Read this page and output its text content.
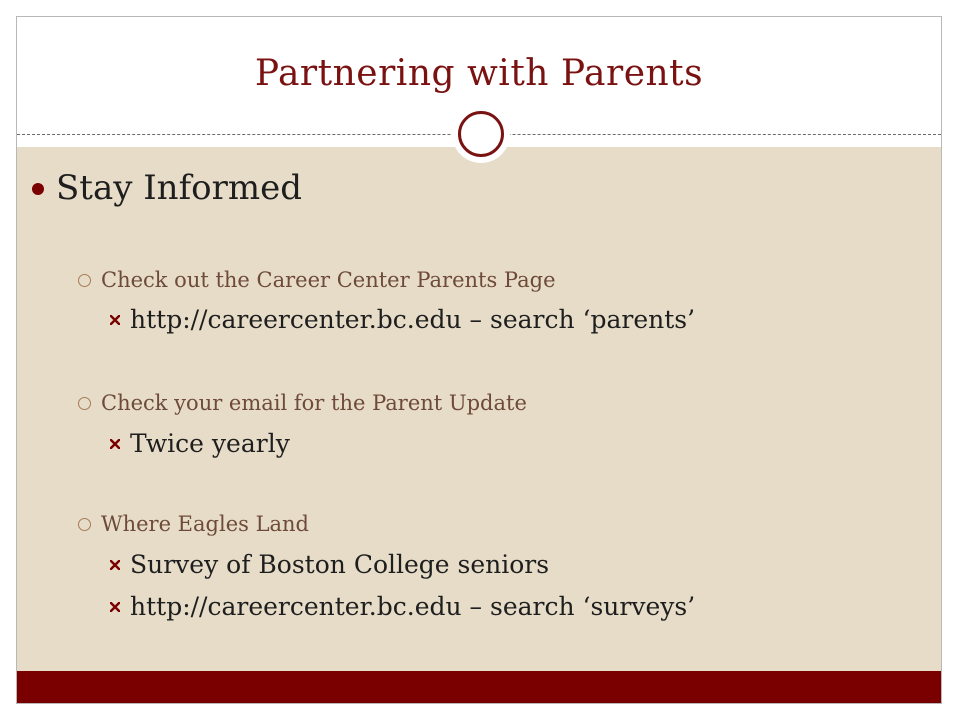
Partnering with Parents
Stay Informed
Check out the Career Center Parents Page
http://careercenter.bc.edu – search ‘parents’
Check your email for the Parent Update
Twice yearly
Where Eagles Land
Survey of Boston College seniors
http://careercenter.bc.edu – search ‘surveys’
